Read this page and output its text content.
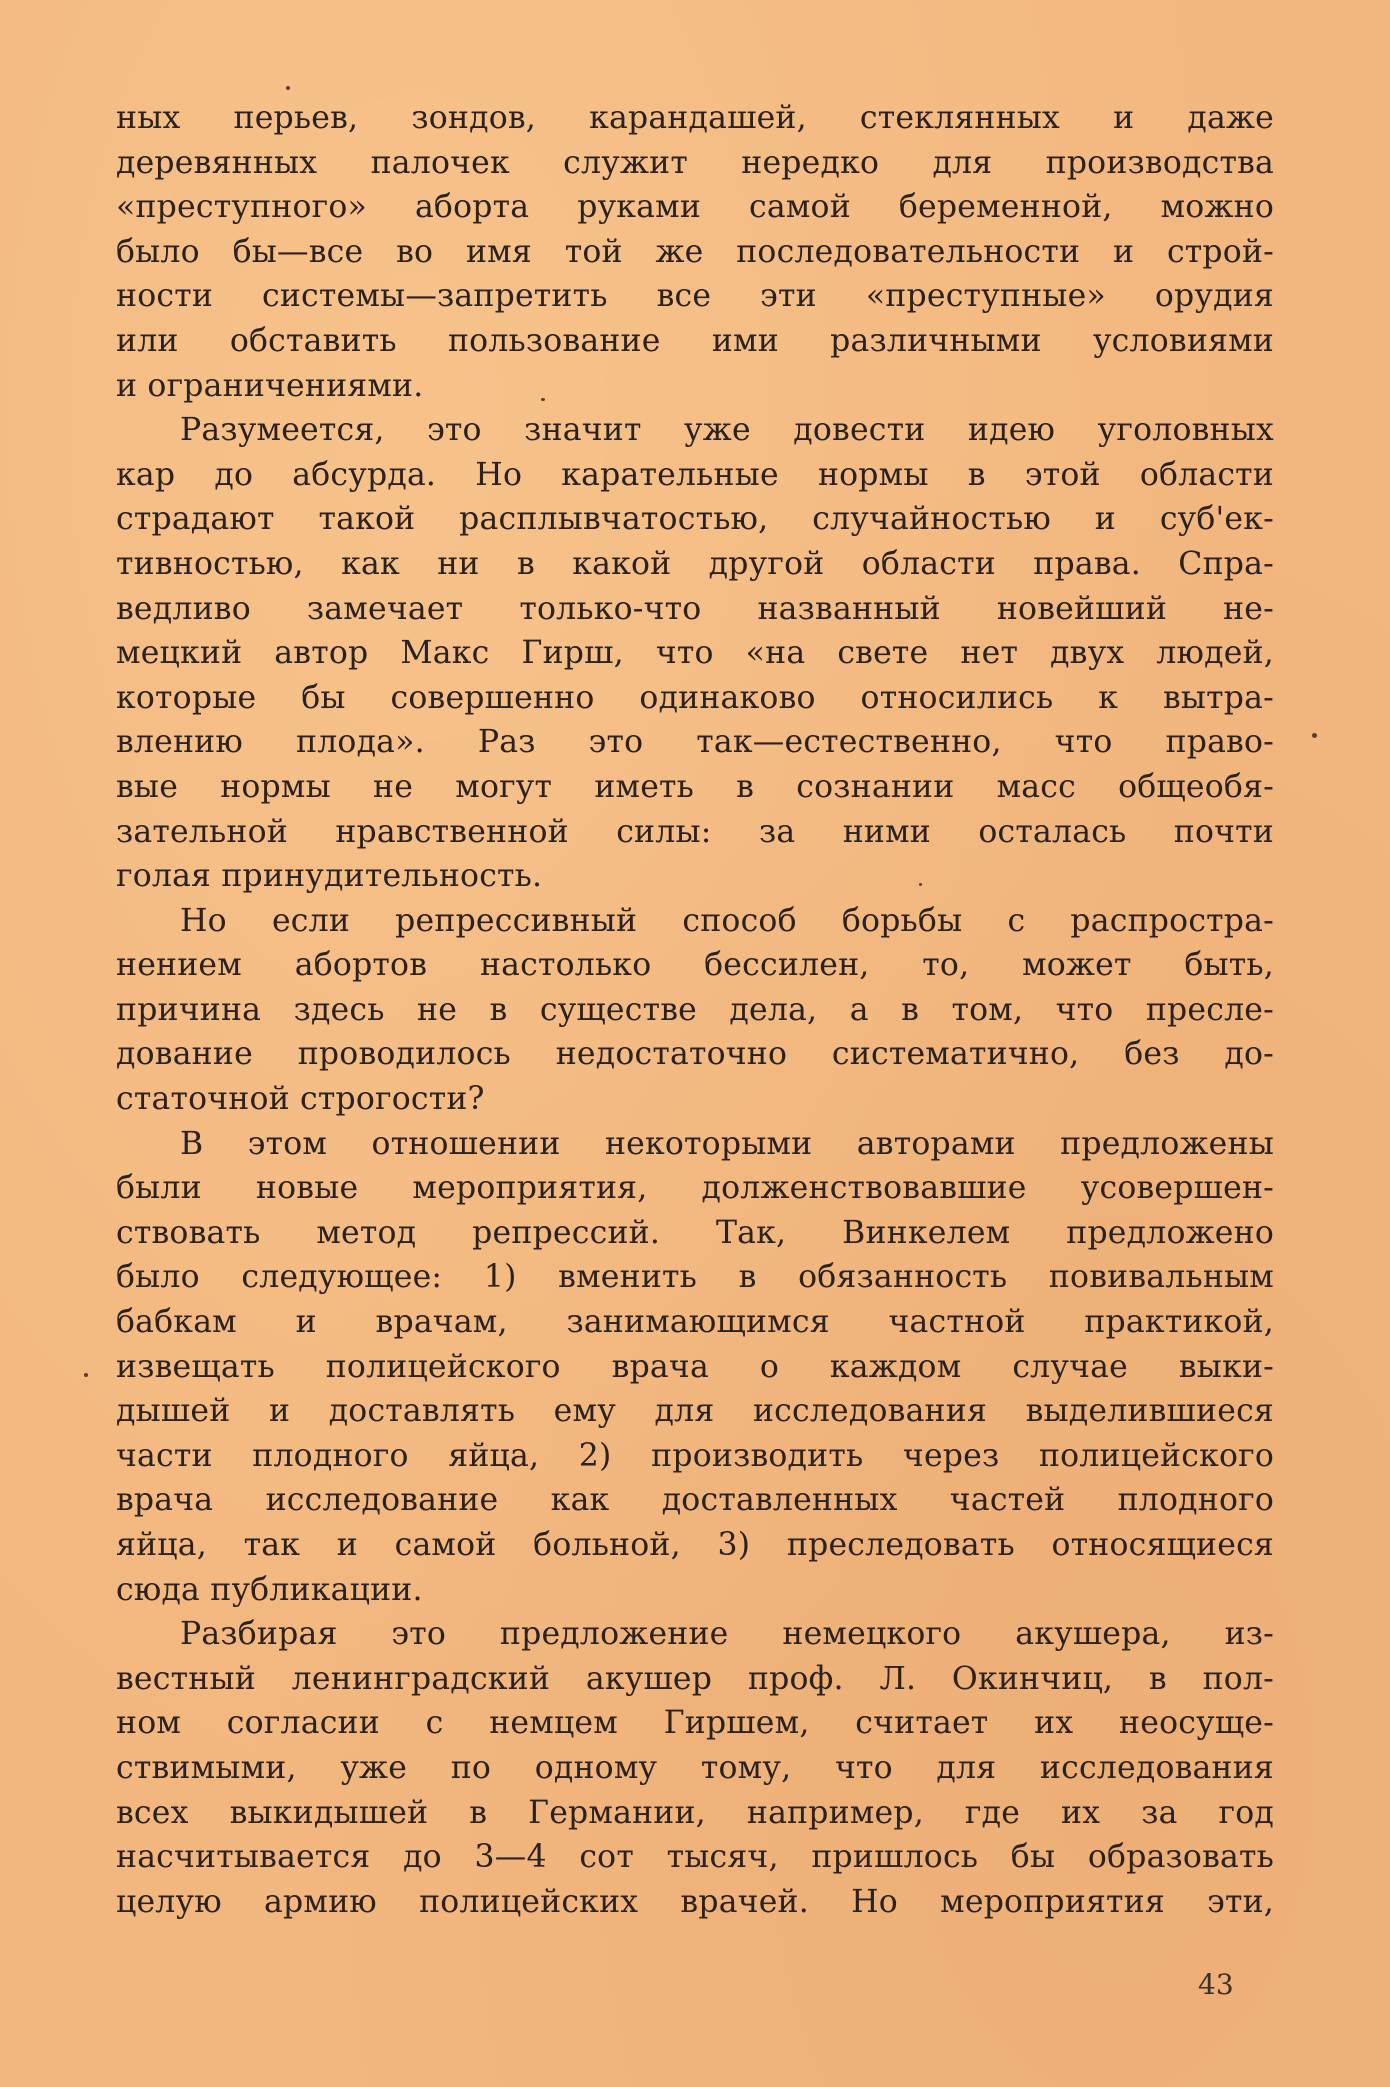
ных перьев, зондов, карандашей, стеклянных и даже
деревянных палочек служит нередко для производства
«преступного» аборта руками самой беременной, можно
было бы—все во имя той же последовательности и строй-
ности системы—запретить все эти «преступные» орудия
или обставить пользование ими различными условиями
и ограничениями.
Разумеется, это значит уже довести идею уголовных
кар до абсурда. Но карательные нормы в этой области
страдают такой расплывчатостью, случайностью и суб'ек-
тивностью, как ни в какой другой области права. Спра-
ведливо замечает только-что названный новейший не-
мецкий автор Макс Гирш, что «на свете нет двух людей,
которые бы совершенно одинаково относились к вытра-
влению плода». Раз это так—естественно, что право-
вые нормы не могут иметь в сознании масс общеобя-
зательной нравственной силы: за ними осталась почти
голая принудительность.
Но если репрессивный способ борьбы с распростра-
нением абортов настолько бессилен, то, может быть,
причина здесь не в существе дела, а в том, что пресле-
дование проводилось недостаточно систематично, без до-
статочной строгости?
В этом отношении некоторыми авторами предложены
были новые мероприятия, долженствовавшие усовершен-
ствовать метод репрессий. Так, Винкелем предложено
было следующее: 1) вменить в обязанность повивальным
бабкам и врачам, занимающимся частной практикой,
извещать полицейского врача о каждом случае выки-
дышей и доставлять ему для исследования выделившиеся
части плодного яйца, 2) производить через полицейского
врача исследование как доставленных частей плодного
яйца, так и самой больной, 3) преследовать относящиеся
сюда публикации.
Разбирая это предложение немецкого акушера, из-
вестный ленинградский акушер проф. Л. Окинчиц, в пол-
ном согласии с немцем Гиршем, считает их неосуще-
ствимыми, уже по одному тому, что для исследования
всех выкидышей в Германии, например, где их за год
насчитывается до 3—4 сот тысяч, пришлось бы образовать
целую армию полицейских врачей. Но мероприятия эти,
43
